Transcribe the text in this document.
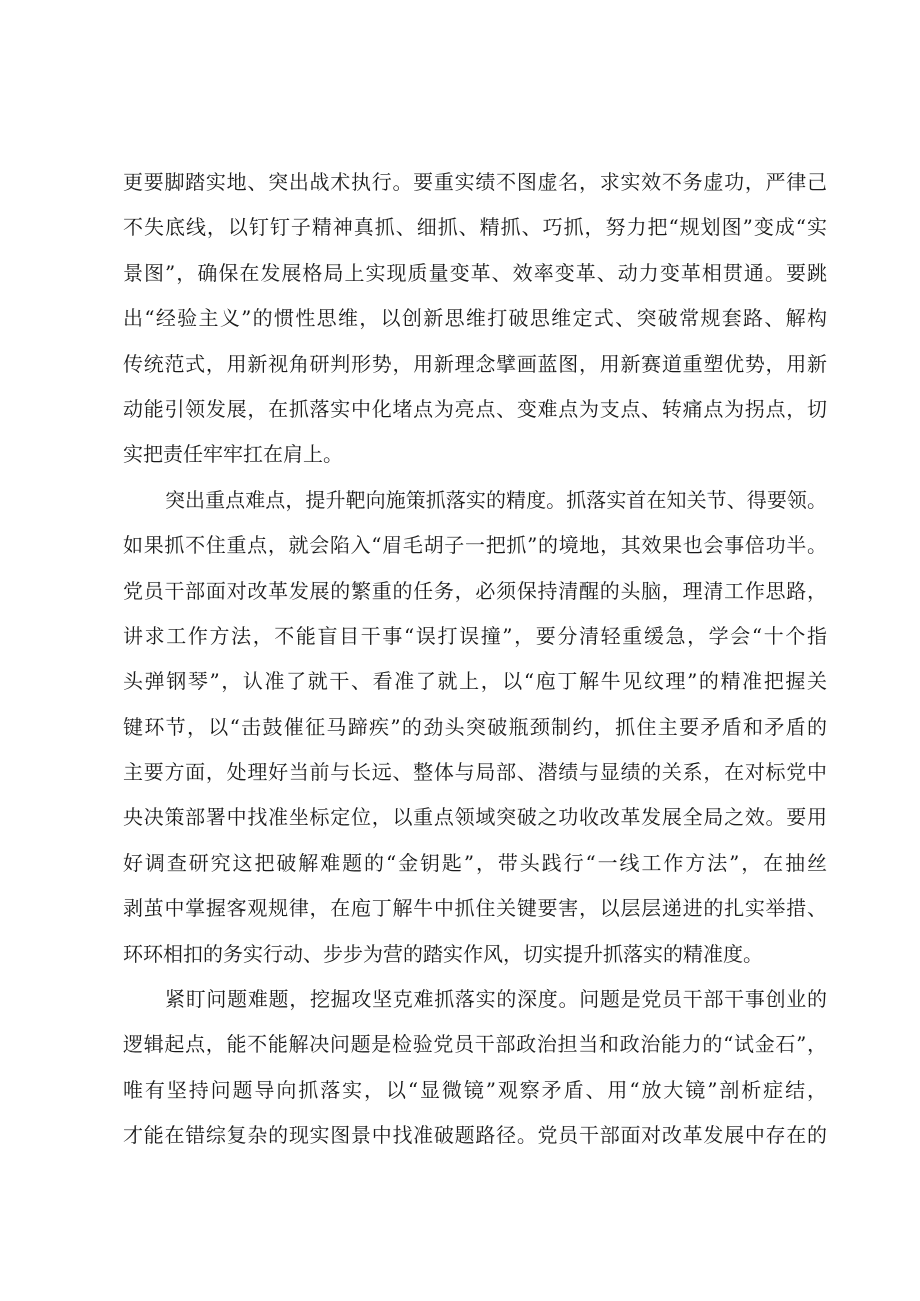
更要脚踏实地、突出战术执行。要重实绩不图虚名，求实效不务虚功，严律己
不失底线，以钉钉子精神真抓、细抓、精抓、巧抓，努力把“规划图”变成“实
景图”，确保在发展格局上实现质量变革、效率变革、动力变革相贯通。要跳
出“经验主义”的惯性思维，以创新思维打破思维定式、突破常规套路、解构
传统范式，用新视角研判形势，用新理念擘画蓝图，用新赛道重塑优势，用新
动能引领发展，在抓落实中化堵点为亮点、变难点为支点、转痛点为拐点，切
实把责任牢牢扛在肩上。
突出重点难点，提升靶向施策抓落实的精度。抓落实首在知关节、得要领。
如果抓不住重点，就会陷入“眉毛胡子一把抓”的境地，其效果也会事倍功半。
党员干部面对改革发展的繁重的任务，必须保持清醒的头脑，理清工作思路，
讲求工作方法，不能盲目干事“误打误撞”，要分清轻重缓急，学会“十个指
头弹钢琴”，认准了就干、看准了就上，以“庖丁解牛见纹理”的精准把握关
键环节，以“击鼓催征马蹄疾”的劲头突破瓶颈制约，抓住主要矛盾和矛盾的
主要方面，处理好当前与长远、整体与局部、潜绩与显绩的关系，在对标党中
央决策部署中找准坐标定位，以重点领域突破之功收改革发展全局之效。要用
好调查研究这把破解难题的“金钥匙”，带头践行“一线工作方法”，在抽丝
剥茧中掌握客观规律，在庖丁解牛中抓住关键要害，以层层递进的扎实举措、
环环相扣的务实行动、步步为营的踏实作风，切实提升抓落实的精准度。
紧盯问题难题，挖掘攻坚克难抓落实的深度。问题是党员干部干事创业的
逻辑起点，能不能解决问题是检验党员干部政治担当和政治能力的“试金石”，
唯有坚持问题导向抓落实，以“显微镜”观察矛盾、用“放大镜”剖析症结，
才能在错综复杂的现实图景中找准破题路径。党员干部面对改革发展中存在的
